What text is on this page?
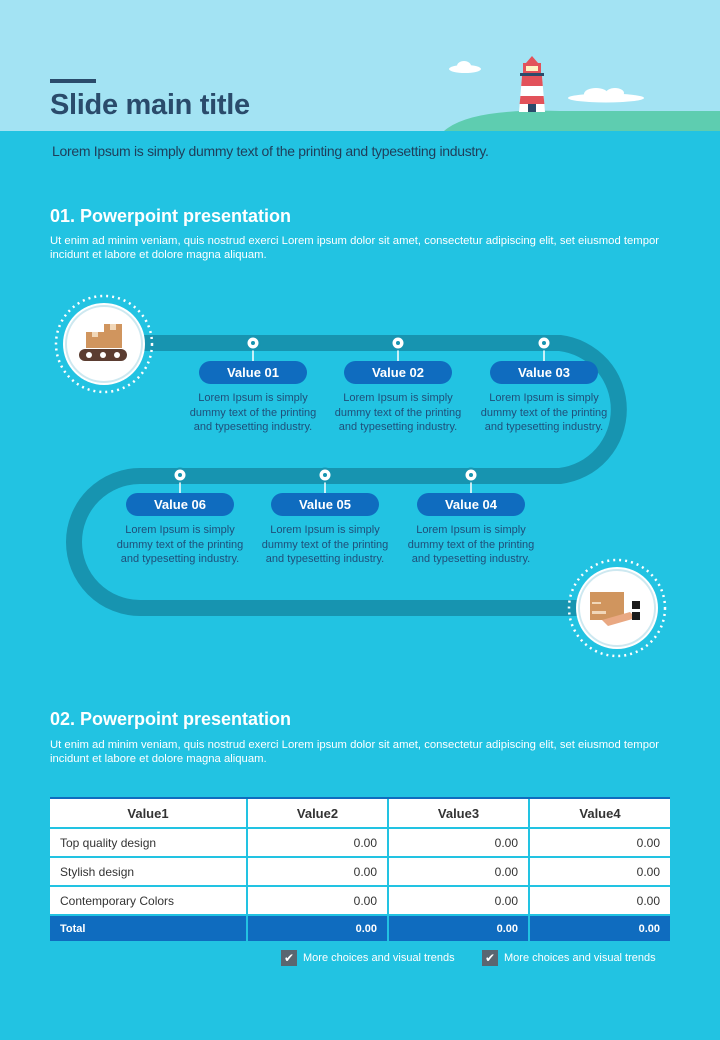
Slide main title

Lorem Ipsum is simply dummy text of the printing and typesetting industry.

01. Powerpoint presentation

Ut enim ad minim veniam, quis nostrud exerci Lorem ipsum dolor sit amet, consectetur adipiscing elit, set eiusmod tempor incidunt et labore et dolore magna aliquam.

Value 01
Lorem Ipsum is simply dummy text of the printing and typesetting industry.
Value 02
Lorem Ipsum is simply dummy text of the printing and typesetting industry.
Value 03
Lorem Ipsum is simply dummy text of the printing and typesetting industry.
Value 06
Lorem Ipsum is simply dummy text of the printing and typesetting industry.
Value 05
Lorem Ipsum is simply dummy text of the printing and typesetting industry.
Value 04
Lorem Ipsum is simply dummy text of the printing and typesetting industry.
02. Powerpoint presentation

Ut enim ad minim veniam, quis nostrud exerci Lorem ipsum dolor sit amet, consectetur adipiscing elit, set eiusmod tempor incidunt et labore et dolore magna aliquam.

Value1	Value2	Value3	Value4
Top quality design	0.00	0.00	0.00
Stylish design	0.00	0.00	0.00
Contemporary Colors	0.00	0.00	0.00
Total	0.00	0.00	0.00
✔ More choices and visual trends	✔ More choices and visual trends
